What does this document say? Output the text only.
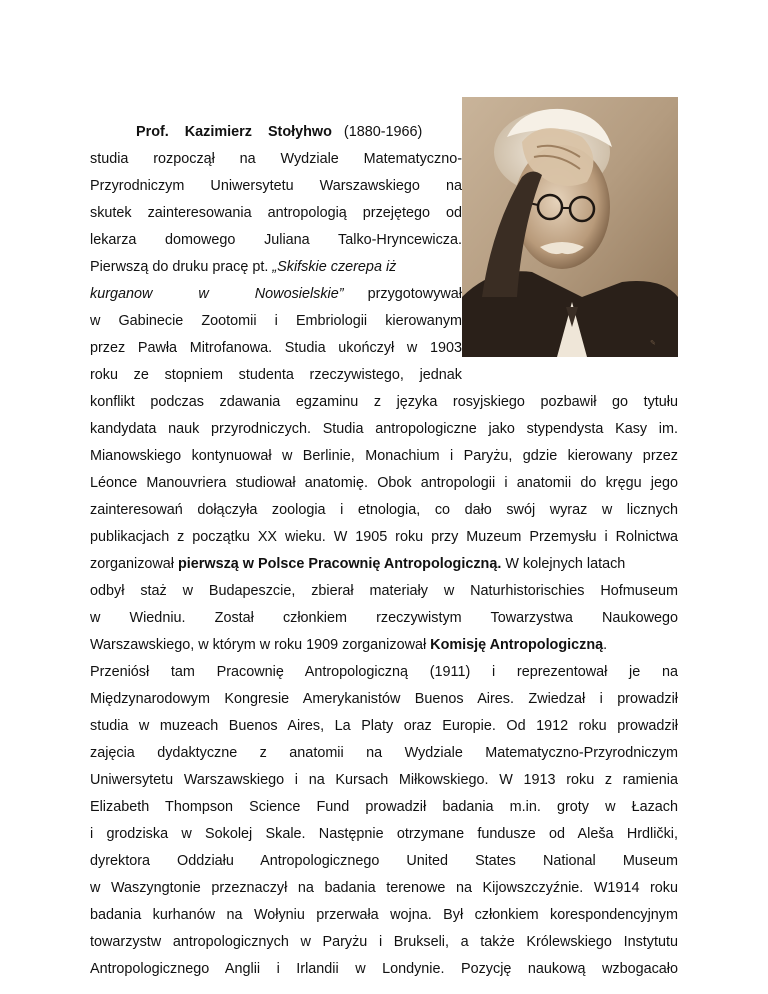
✎
Prof.    Kazimierz    Stołyhwo (1880-1966)
studia rozpoczął na Wydziale Matematyczno-
Przyrodniczym Uniwersytetu Warszawskiego na
skutek zainteresowania antropologią przejętego od
lekarza domowego Juliana Talko-Hryncewicza.
Pierwszą do druku pracę pt. „Skifskie czerepa iż
kurganow w Nowosielskie” przygotowywał
w Gabinecie Zootomii i Embriologii kierowanym
przez Pawła Mitrofanowa. Studia ukończył w 1903
roku ze stopniem studenta rzeczywistego, jednak
konflikt podczas zdawania egzaminu z języka rosyjskiego pozbawił go tytułu
kandydata nauk przyrodniczych. Studia antropologiczne jako stypendysta Kasy im.
Mianowskiego kontynuował w Berlinie, Monachium i Paryżu, gdzie kierowany przez
Léonce Manouvriera studiował anatomię. Obok antropologii i anatomii do kręgu jego
zainteresowań dołączyła zoologia i etnologia, co dało swój wyraz w licznych
publikacjach z początku XX wieku. W 1905 roku przy Muzeum Przemysłu i Rolnictwa
zorganizował pierwszą w Polsce Pracownię Antropologiczną. W kolejnych latach
odbył staż w Budapeszcie, zbierał materiały w Naturhistorischies Hofmuseum
w Wiedniu. Został członkiem rzeczywistym Towarzystwa Naukowego
Warszawskiego, w którym w roku 1909 zorganizował Komisję Antropologiczną.
Przeniósł tam Pracownię Antropologiczną (1911) i reprezentował je na
Międzynarodowym Kongresie Amerykanistów Buenos Aires. Zwiedzał i prowadził
studia w muzeach Buenos Aires, La Platy oraz Europie. Od 1912 roku prowadził
zajęcia dydaktyczne z anatomii na Wydziale Matematyczno-Przyrodniczym
Uniwersytetu Warszawskiego i na Kursach Miłkowskiego. W 1913 roku z ramienia
Elizabeth Thompson Science Fund prowadził badania m.in. groty w Łazach
i grodziska w Sokolej Skale. Następnie otrzymane fundusze od Aleša Hrdlički,
dyrektora Oddziału Antropologicznego United States National Museum
w Waszyngtonie przeznaczył na badania terenowe na Kijowszczyźnie. W1914 roku
badania kurhanów na Wołyniu przerwała wojna. Był członkiem korespondencyjnym
towarzystw antropologicznych w Paryżu i Brukseli, a także Królewskiego Instytutu
Antropologicznego Anglii i Irlandii w Londynie. Pozycję naukową wzbogacało
